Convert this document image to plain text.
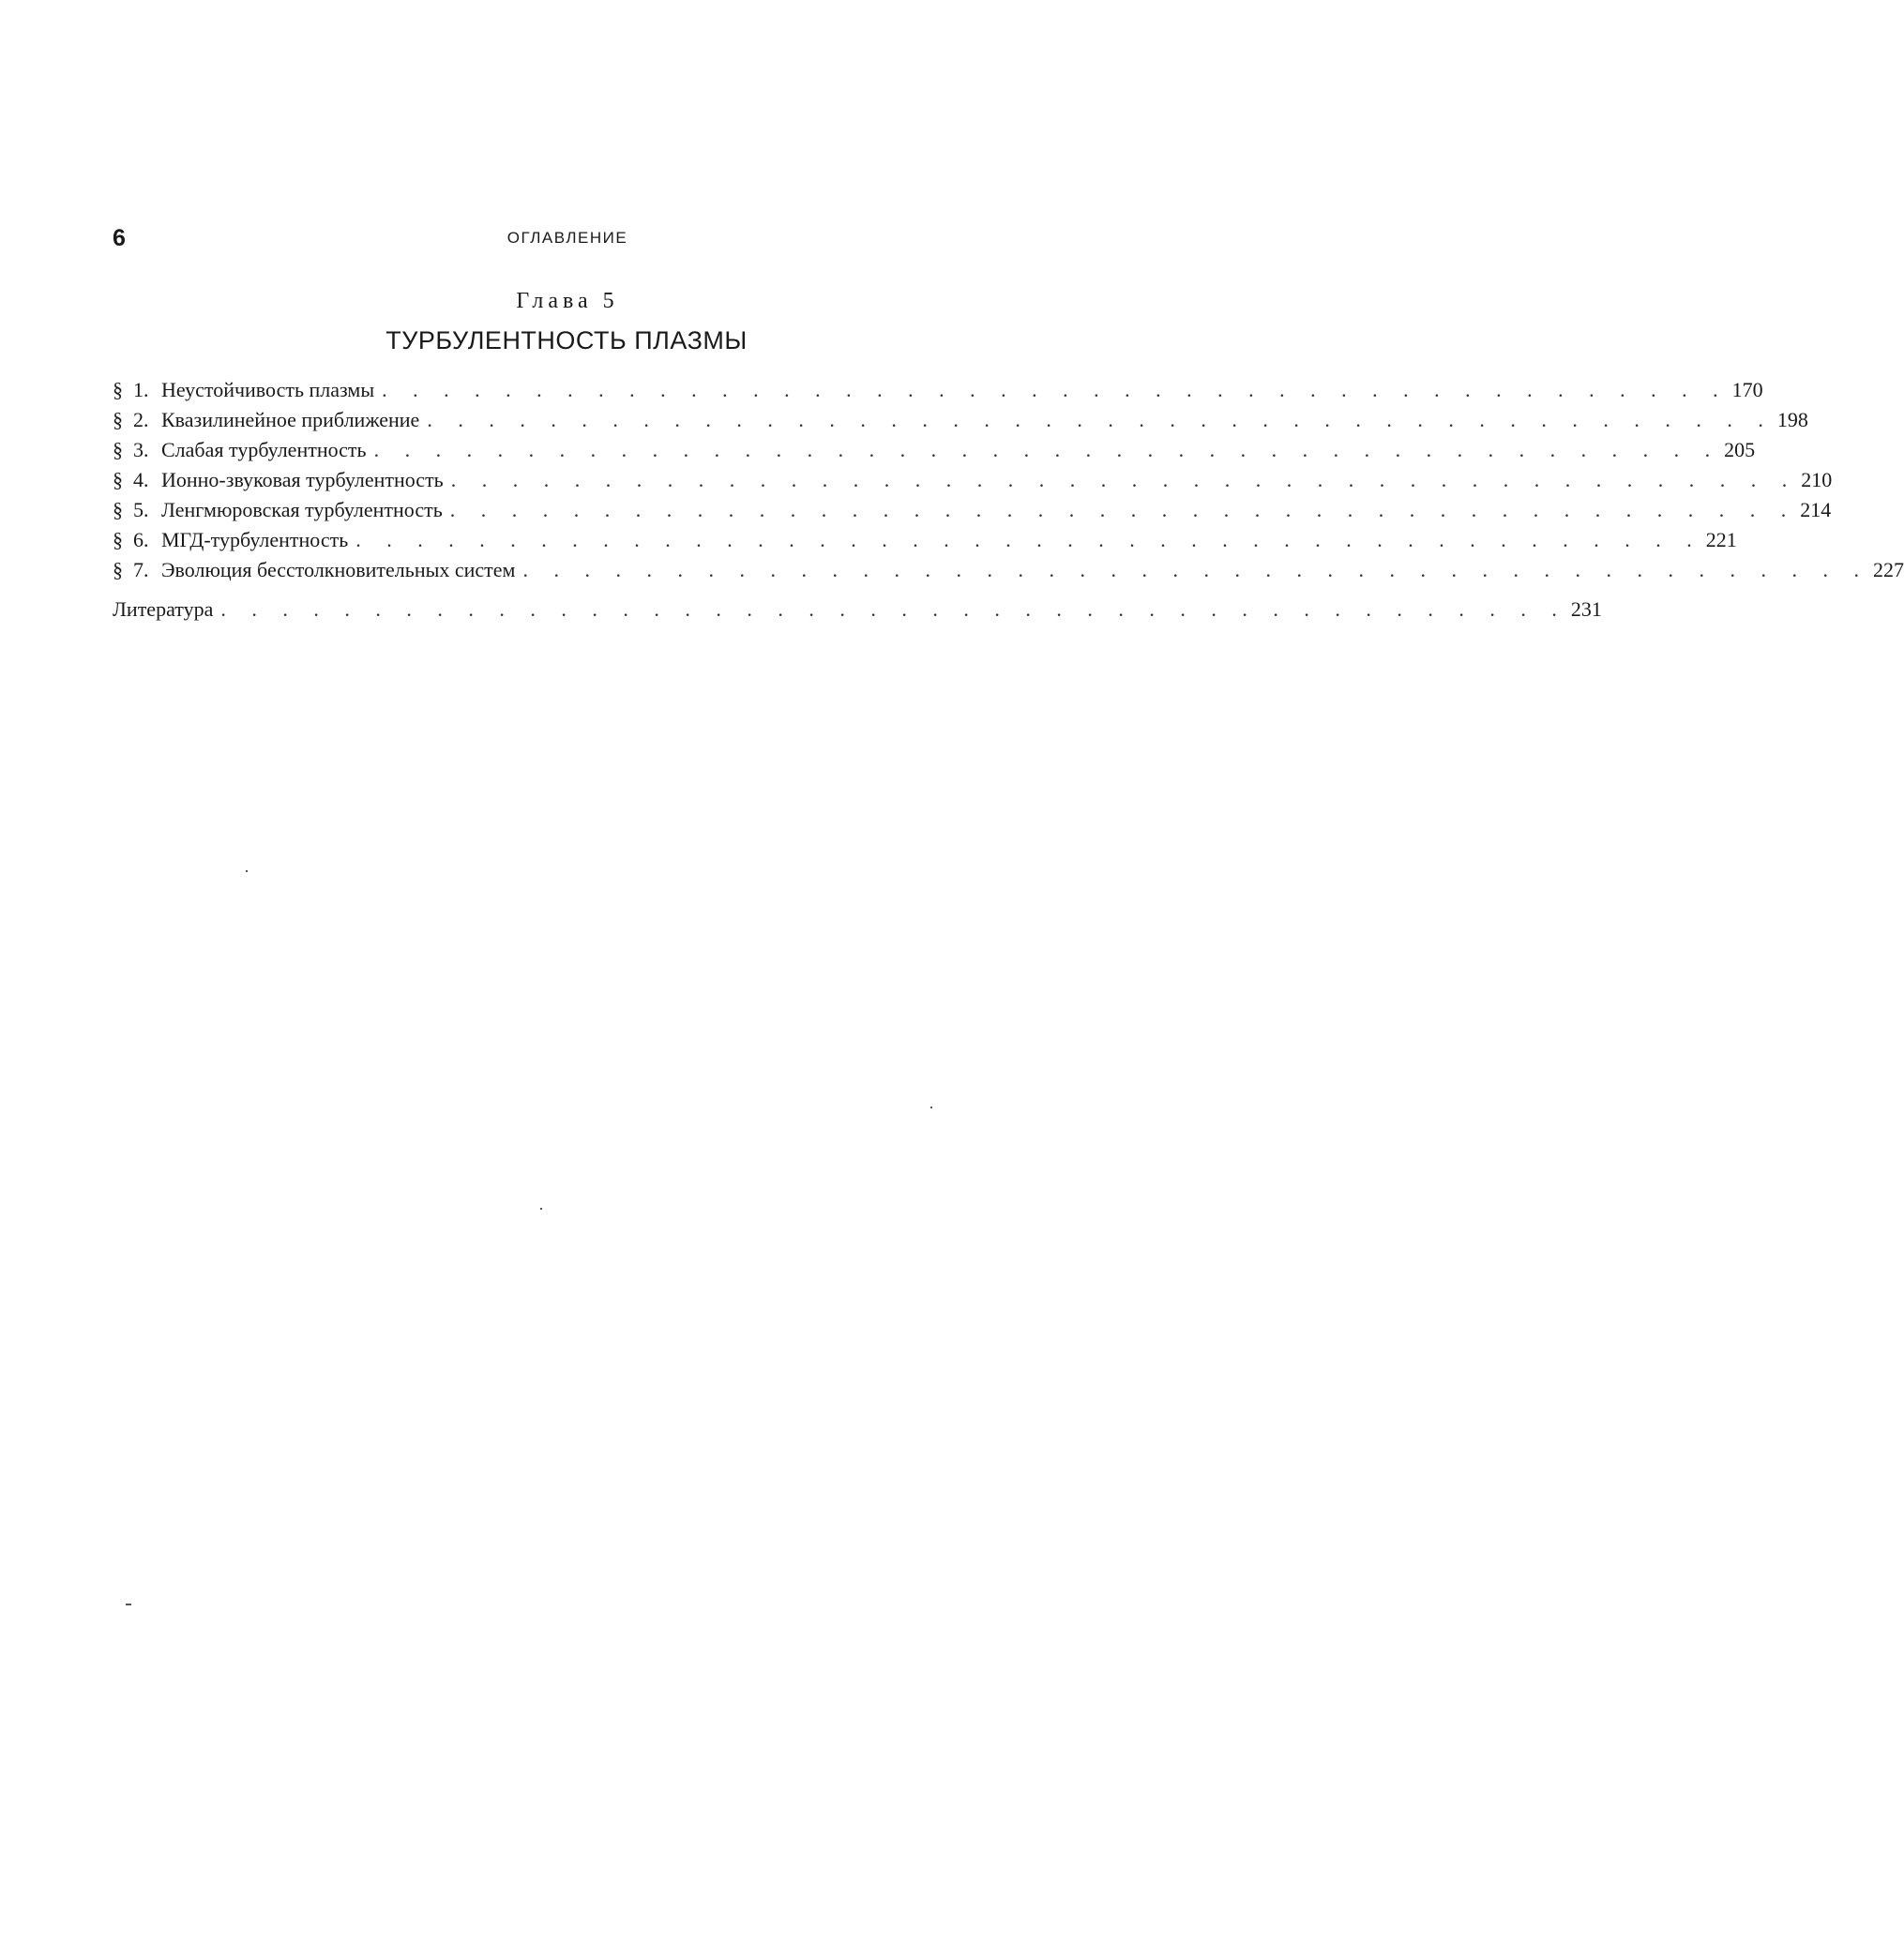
6	ОГЛАВЛЕНИЕ
Глава 5
ТУРБУЛЕНТНОСТЬ ПЛАЗМЫ
§ 1. Неустойчивость плазмы . . . . . . . . . . . . . . . . . . . . . . . . . . . . . . . . . . . . . . . . . . . . 170
§ 2. Квазилинейное приближение . . . . . . . . . . . . . . . . . . . . . . . . . . . . . . . . . . . . . . . . . . . . 198
§ 3. Слабая турбулентность . . . . . . . . . . . . . . . . . . . . . . . . . . . . . . . . . . . . . . . . . . . . 205
§ 4. Ионно-звуковая турбулентность . . . . . . . . . . . . . . . . . . . . . . . . . . . . . . . . . . . . . . . . . . . . 210
§ 5. Ленгмюровская турбулентность . . . . . . . . . . . . . . . . . . . . . . . . . . . . . . . . . . . . . . . . . . . . 214
§ 6. МГД-турбулентность . . . . . . . . . . . . . . . . . . . . . . . . . . . . . . . . . . . . . . . . . . . . 221
§ 7. Эволюция бесстолкновительных систем . . . . . . . . . . . . . . . . . . . . . . . . . . . . . . . . . . . . . . . . . . . . 227
Литература . . . . . . . . . . . . . . . . . . . . . . . . . . . . . . . . . . . . . . . . . . . . 231
